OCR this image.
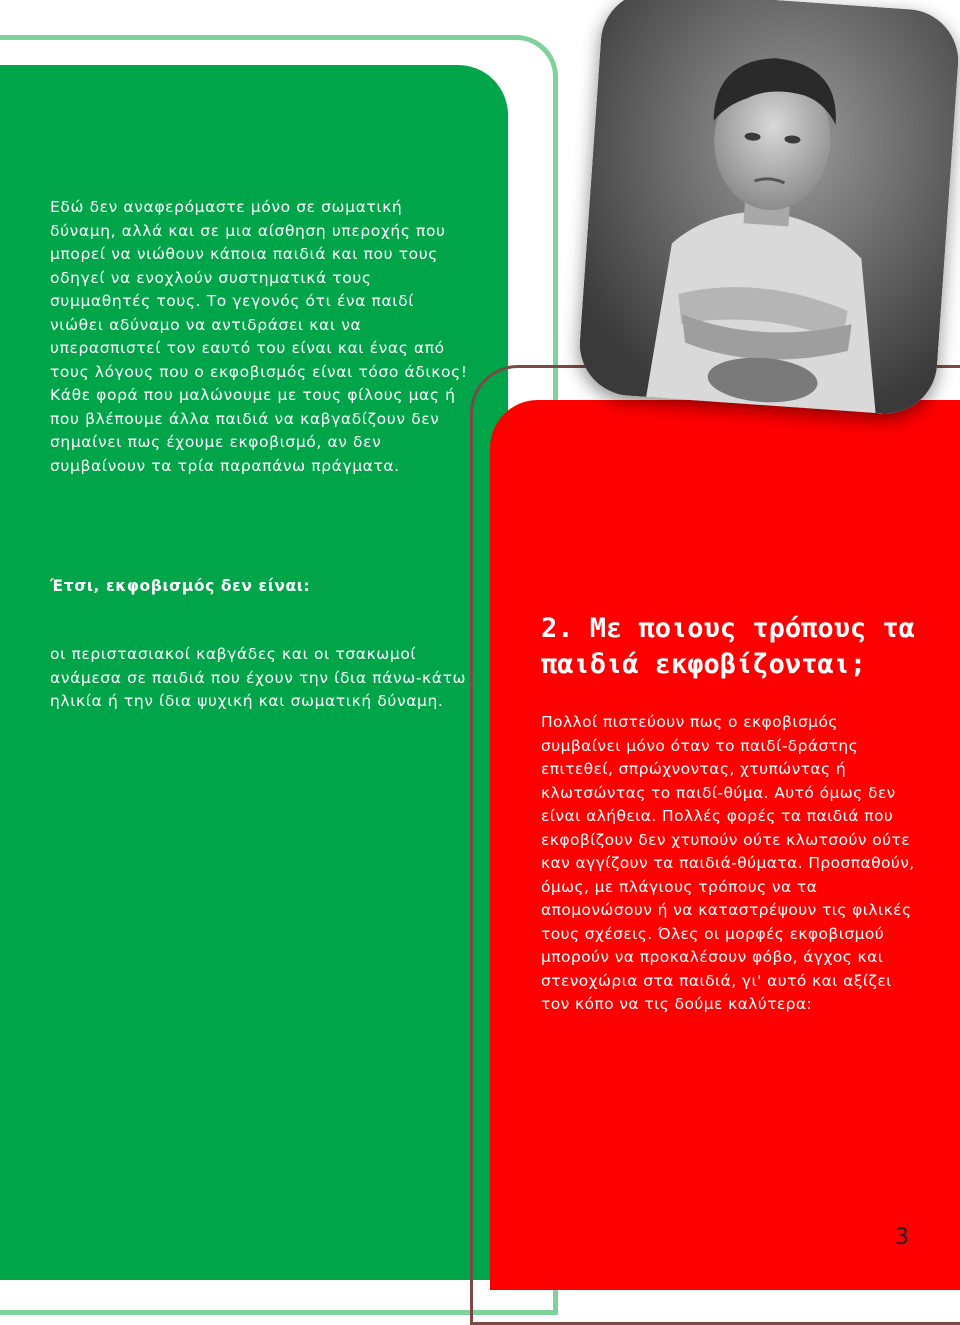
Εδώ δεν αναφερόμαστε μόνο σε σωματική δύναμη, αλλά και σε μια αίσθηση υπεροχής που μπορεί να νιώθουν κάποια παιδιά και που τους οδηγεί να ενοχλούν συστηματικά τους συμμαθητές τους. Το γεγονός ότι ένα παιδί νιώθει αδύναμο να αντιδράσει και να υπερασπιστεί τον εαυτό του είναι και ένας από τους λόγους που ο εκφοβισμός είναι τόσο άδικος! Κάθε φορά που μαλώνουμε με τους φίλους μας ή που βλέπουμε άλλα παιδιά να καβγαδίζουν δεν σημαίνει πως έχουμε εκφοβισμό, αν δεν συμβαίνουν τα τρία παραπάνω πράγματα.

Έτσι, εκφοβισμός δεν είναι:

οι περιστασιακοί καβγάδες και οι τσακωμοί ανάμεσα σε παιδιά που έχουν την ίδια πάνω-κάτω ηλικία ή την ίδια ψυχική και σωματική δύναμη.

2. Με ποιους τρόπους τα παιδιά εκφοβίζονται;

Πολλοί πιστεύουν πως ο εκφοβισμός συμβαίνει μόνο όταν το παιδί-δράστης επιτεθεί, σπρώχνοντας, χτυπώντας ή κλωτσώντας το παιδί-θύμα. Αυτό όμως δεν είναι αλήθεια. Πολλές φορές τα παιδιά που εκφοβίζουν δεν χτυπούν ούτε κλωτσούν ούτε καν αγγίζουν τα παιδιά-θύματα. Προσπαθούν, όμως, με πλάγιους τρόπους να τα απομονώσουν ή να καταστρέψουν τις φιλικές τους σχέσεις. Όλες οι μορφές εκφοβισμού μπορούν να προκαλέσουν φόβο, άγχος και στενοχώρια στα παιδιά, γι' αυτό και αξίζει τον κόπο να τις δούμε καλύτερα:

3
